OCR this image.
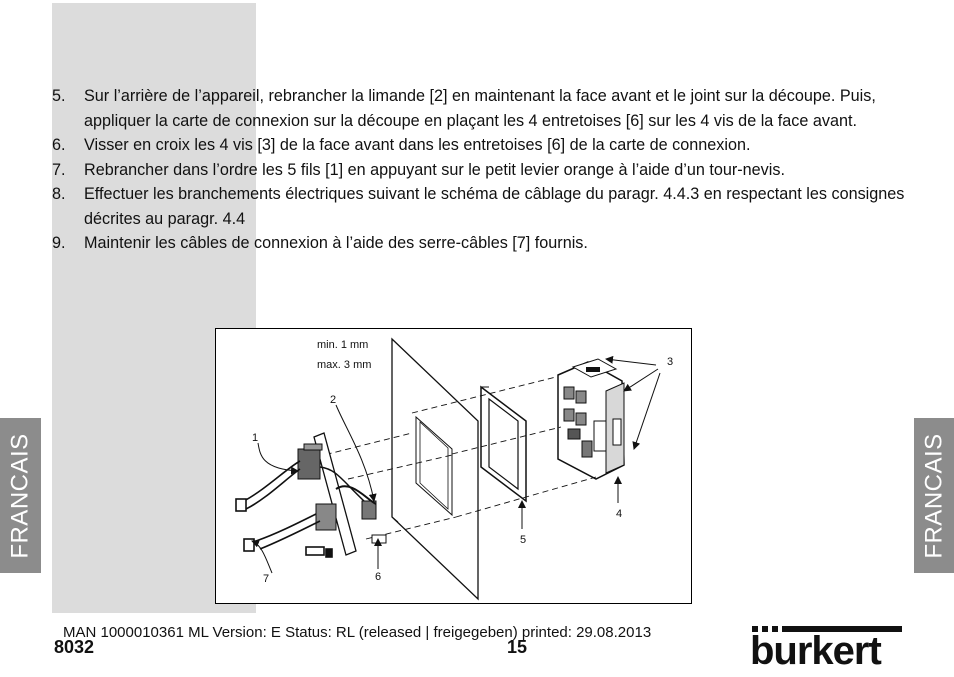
FRANCAIS	FRANCAIS
5. Sur l’arrière de l’appareil, rebrancher la limande [2] en maintenant la face avant et le joint sur la découpe. Puis, appliquer la carte de connexion sur la découpe en plaçant les 4 entretoises [6] sur les 4 vis de la face avant.
6. Visser en croix les 4 vis [3] de la face avant dans les entretoises [6] de la carte de connexion.
7. Rebrancher dans l’ordre les 5 fils [1] en appuyant sur le petit levier orange à l’aide d’un tour-nevis.
8. Effectuer les branchements électriques suivant le schéma de câblage du paragr. 4.4.3 en respectant les consignes décrites au paragr. 4.4
9. Maintenir les câbles de connexion à l’aide des serre-câbles [7] fournis.
min. 1 mm
max. 3 mm
2
1
3
4
5
6
7
MAN 1000010361 ML Version: E Status: RL (released | freigegeben) printed: 29.08.2013
8032	15	burkert
